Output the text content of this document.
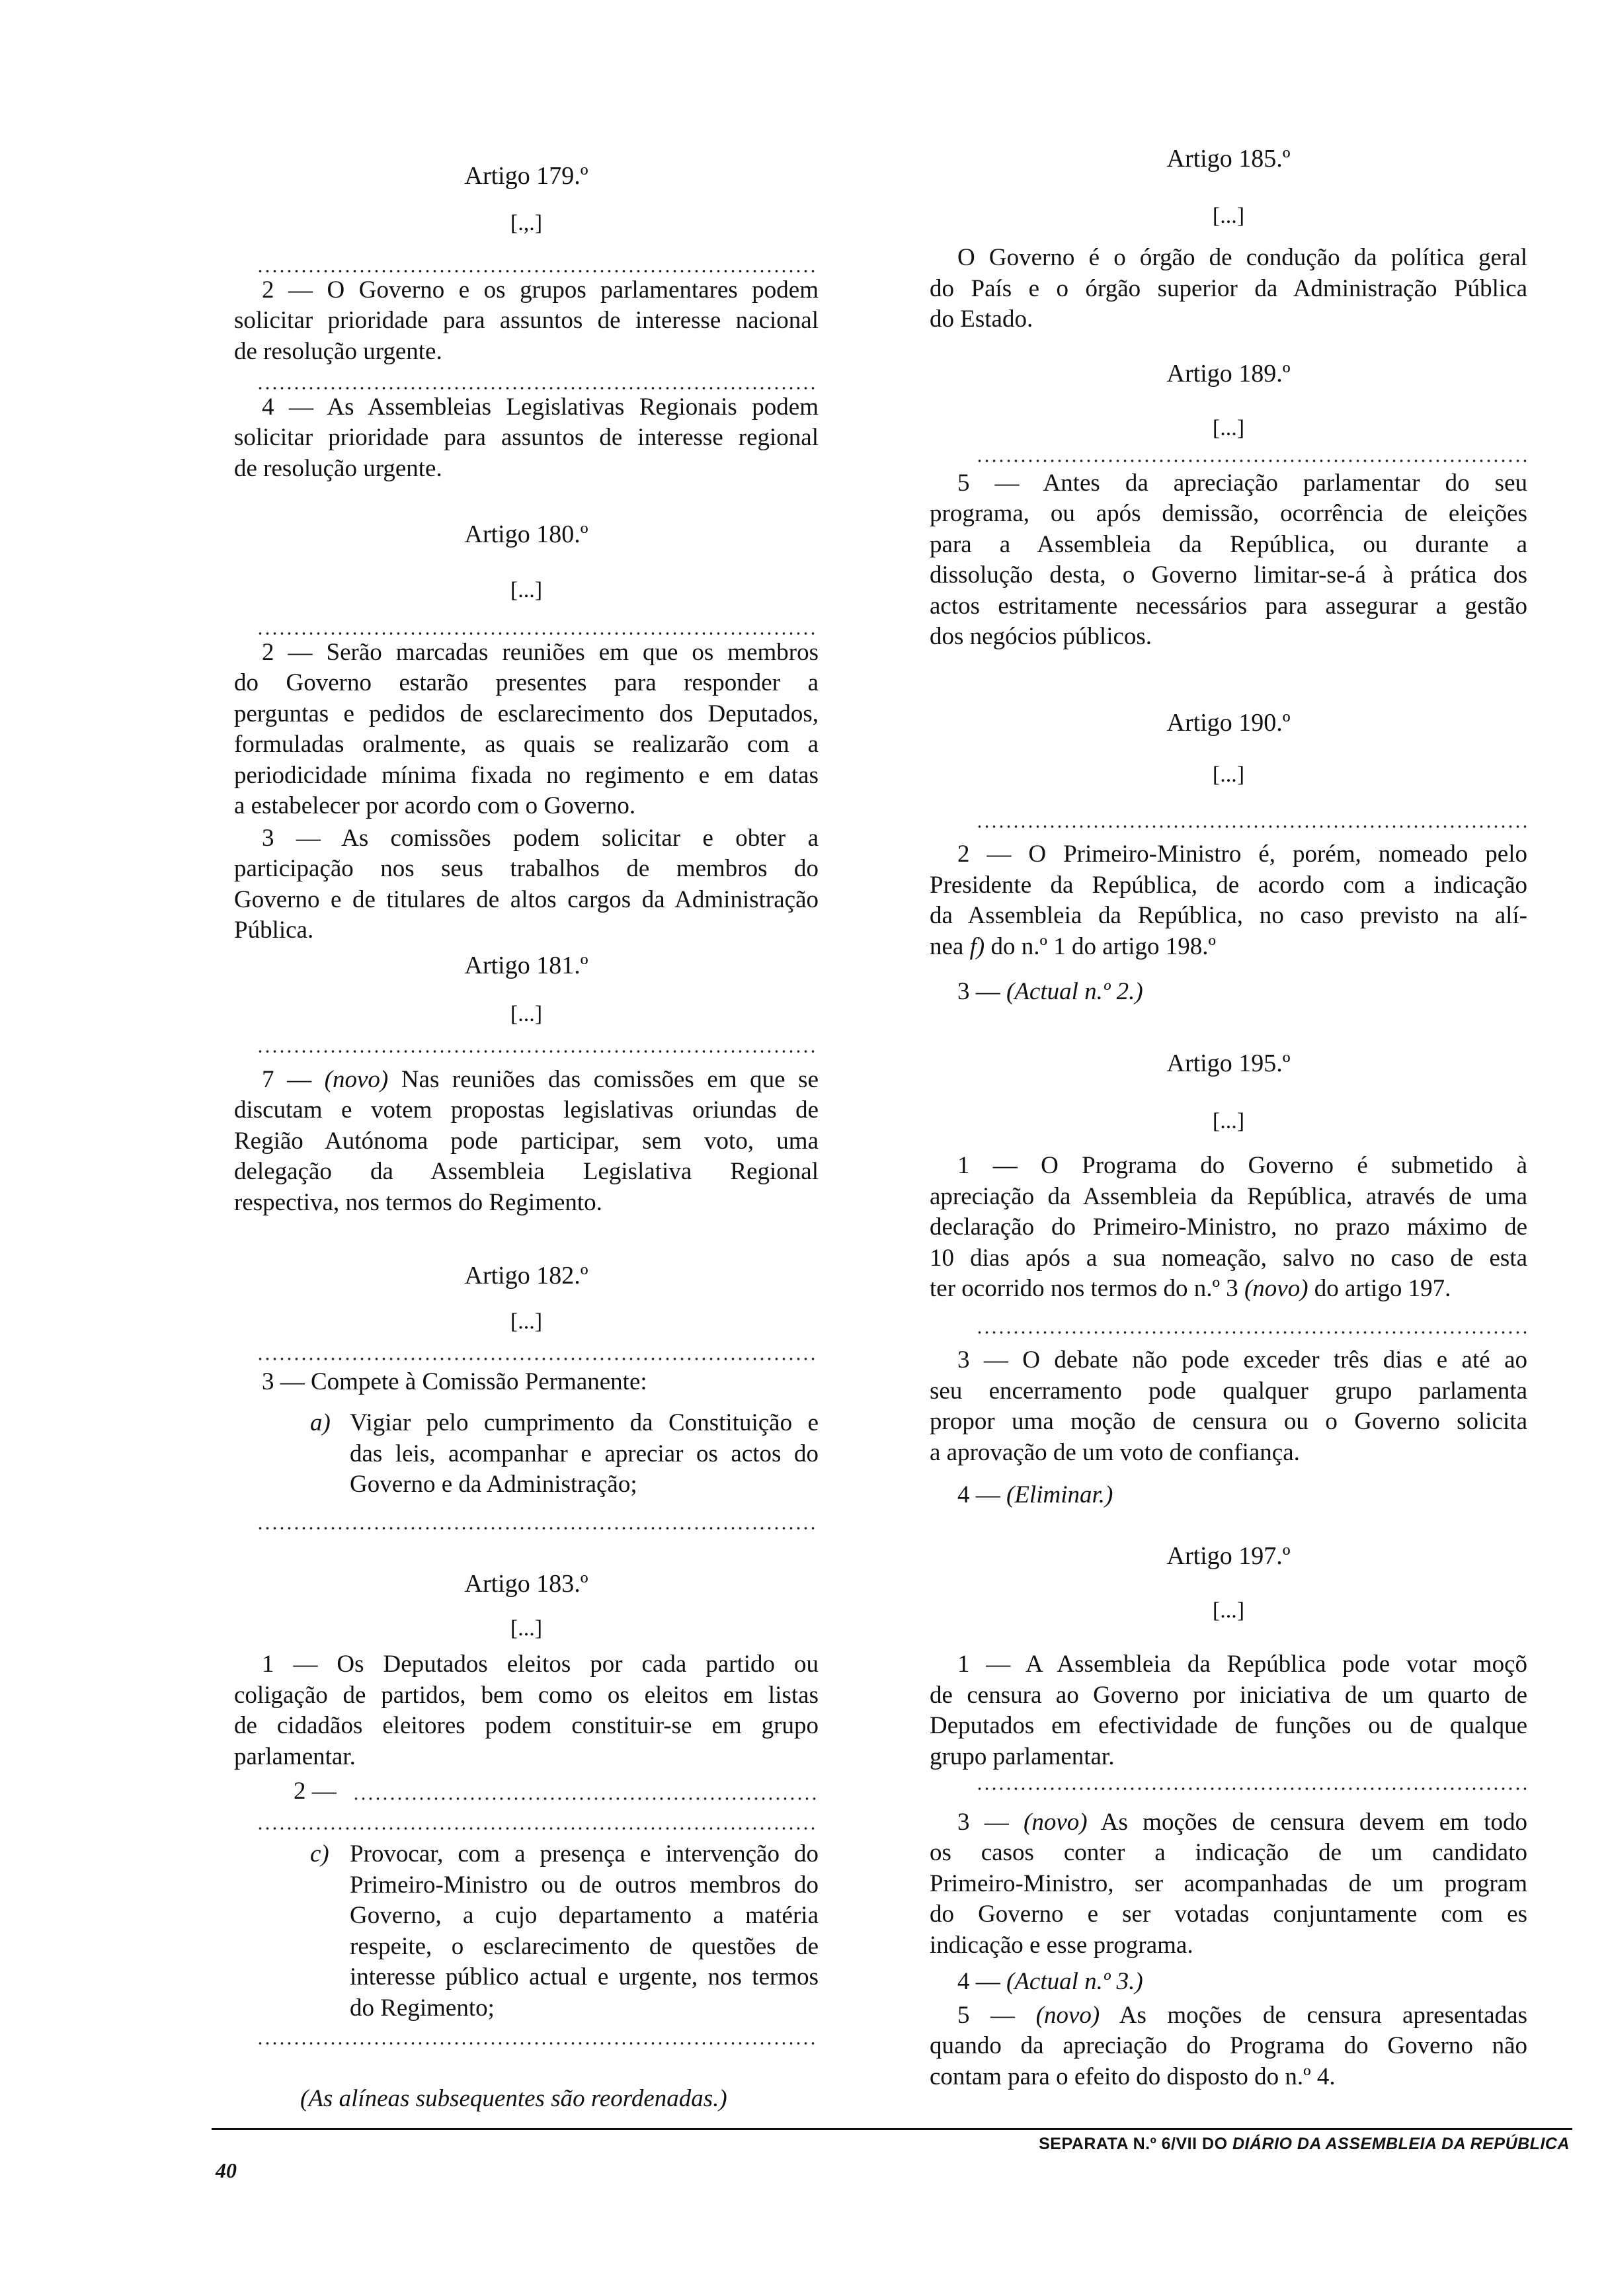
Artigo 179.º
[.,.]
2 — O Governo e os grupos parlamentares podem
solicitar prioridade para assuntos de interesse nacional
de resolução urgente.
4 — As Assembleias Legislativas Regionais podem
solicitar prioridade para assuntos de interesse regional
de resolução urgente.
Artigo 180.º
[...]
2 — Serão marcadas reuniões em que os membros
do Governo estarão presentes para responder a
perguntas e pedidos de esclarecimento dos Deputados,
formuladas oralmente, as quais se realizarão com a
periodicidade mínima fixada no regimento e em datas
a estabelecer por acordo com o Governo.
3 — As comissões podem solicitar e obter a
participação nos seus trabalhos de membros do
Governo e de titulares de altos cargos da Administração
Pública.
Artigo 181.º
[...]
7 — (novo) Nas reuniões das comissões em que se
discutam e votem propostas legislativas oriundas de
Região Autónoma pode participar, sem voto, uma
delegação da Assembleia Legislativa Regional
respectiva, nos termos do Regimento.
Artigo 182.º
[...]
3 — Compete à Comissão Permanente:
a) Vigiar pelo cumprimento da Constituição e
das leis, acompanhar e apreciar os actos do
Governo e da Administração;
Artigo 183.º
[...]
1 — Os Deputados eleitos por cada partido ou
coligação de partidos, bem como os eleitos em listas
de cidadãos eleitores podem constituir-se em grupo
parlamentar.
2 —
c) Provocar, com a presença e intervenção do
Primeiro-Ministro ou de outros membros do
Governo, a cujo departamento a matéria
respeite, o esclarecimento de questões de
interesse público actual e urgente, nos termos
do Regimento;
(As alíneas subsequentes são reordenadas.)
Artigo 185.º
[...]
O Governo é o órgão de condução da política geral
do País e o órgão superior da Administração Pública
do Estado.
Artigo 189.º
[...]
5 — Antes da apreciação parlamentar do seu
programa, ou após demissão, ocorrência de eleições
para a Assembleia da República, ou durante a
dissolução desta, o Governo limitar-se-á à prática dos
actos estritamente necessários para assegurar a gestão
dos negócios públicos.
Artigo 190.º
[...]
2 — O Primeiro-Ministro é, porém, nomeado pelo
Presidente da República, de acordo com a indicação
da Assembleia da República, no caso previsto na alí-
nea f) do n.º 1 do artigo 198.º
3 — (Actual n.º 2.)
Artigo 195.º
[...]
1 — O Programa do Governo é submetido à
apreciação da Assembleia da República, através de uma
declaração do Primeiro-Ministro, no prazo máximo de
10 dias após a sua nomeação, salvo no caso de esta
ter ocorrido nos termos do n.º 3 (novo) do artigo 197.
3 — O debate não pode exceder três dias e até ao
seu encerramento pode qualquer grupo parlamenta
propor uma moção de censura ou o Governo solicita
a aprovação de um voto de confiança.
4 — (Eliminar.)
Artigo 197.º
[...]
1 — A Assembleia da República pode votar moçõ
de censura ao Governo por iniciativa de um quarto de
Deputados em efectividade de funções ou de qualque
grupo parlamentar.
3 — (novo) As moções de censura devem em todo
os casos conter a indicação de um candidato
Primeiro-Ministro, ser acompanhadas de um program
do Governo e ser votadas conjuntamente com es
indicação e esse programa.
4 — (Actual n.º 3.)
5 — (novo) As moções de censura apresentadas
quando da apreciação do Programa do Governo não
contam para o efeito do disposto do n.º 4.
SEPARATA N.º 6/VII DO DIÁRIO DA ASSEMBLEIA DA REPÚBLICA
40
